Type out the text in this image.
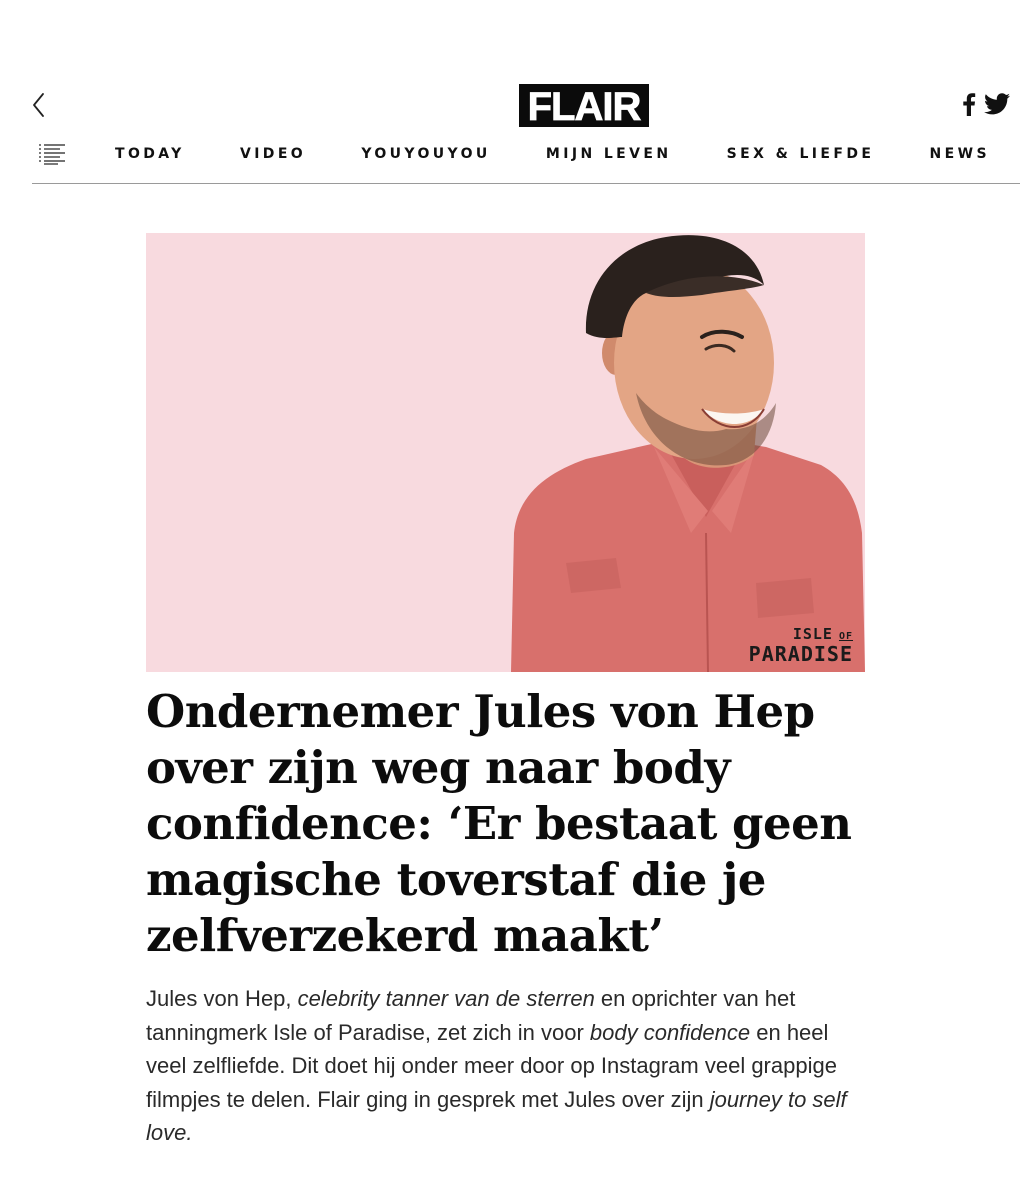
FLAIR
TODAY	VIDEO	YOUYOUYOU	MIJN LEVEN	SEX & LIEFDE	NEWS
ISLE OF
PARADISE
Ondernemer Jules von Hep over zijn weg naar body confidence: ‘Er bestaat geen magische toverstaf die je zelfverzekerd maakt’

Jules von Hep, celebrity tanner van de sterren en oprichter van het tanningmerk Isle of Paradise, zet zich in voor body confidence en heel veel zelfliefde. Dit doet hij onder meer door op Instagram veel grappige filmpjes te delen. Flair ging in gesprek met Jules over zijn journey to self love.
